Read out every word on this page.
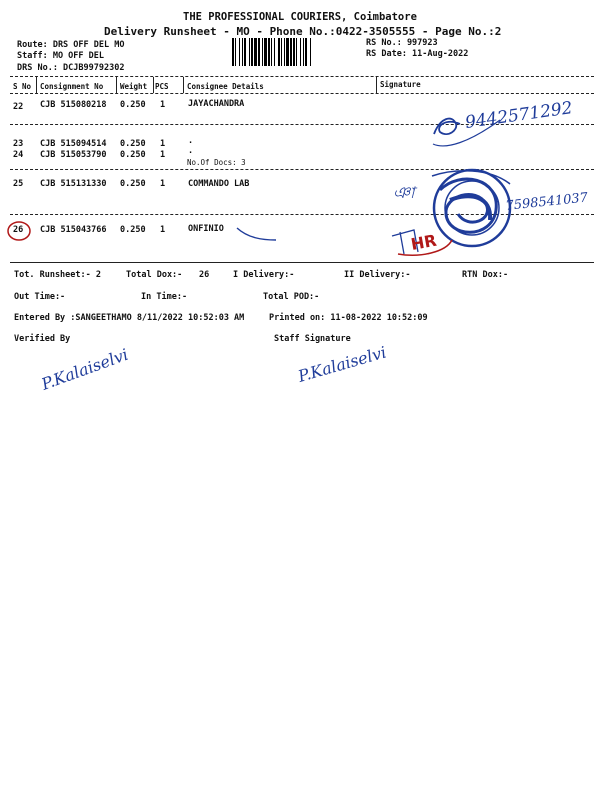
THE PROFESSIONAL COURIERS, Coimbatore
Delivery Runsheet - MO - Phone No.:0422-3505555 - Page No.:2
Route: DRS OFF DEL MO
Staff: MO OFF DEL
DRS No.: DCJB99792302
RS No.: 997923
RS Date: 11-Aug-2022
S No Consignment No Weight PCS Consignee Details	Signature
22 CJB 515080218 0.250 1	JAYACHANDRA
23 CJB 515094514 0.250 1	.
24 CJB 515053790 0.250 1	.
No.Of Docs: 3
25 CJB 515131330 0.250 1	COMMANDO LAB
26 CJB 515043766 0.250 1	ONFINIO
Tot. Runsheet:- 2	Total Dox:- 26	I Delivery:-	II Delivery:-	RTN Dox:-
Out Time:-	In Time:-	Total POD:-
Entered By :SANGEETHAMO 8/11/2022 10:52:03 AM	Printed on: 11-08-2022 10:52:09
Verified By	Staff Signature
9442571292
ঞা	7598541037
HR
P.Kalaiselvi	P.Kalaiselvi
